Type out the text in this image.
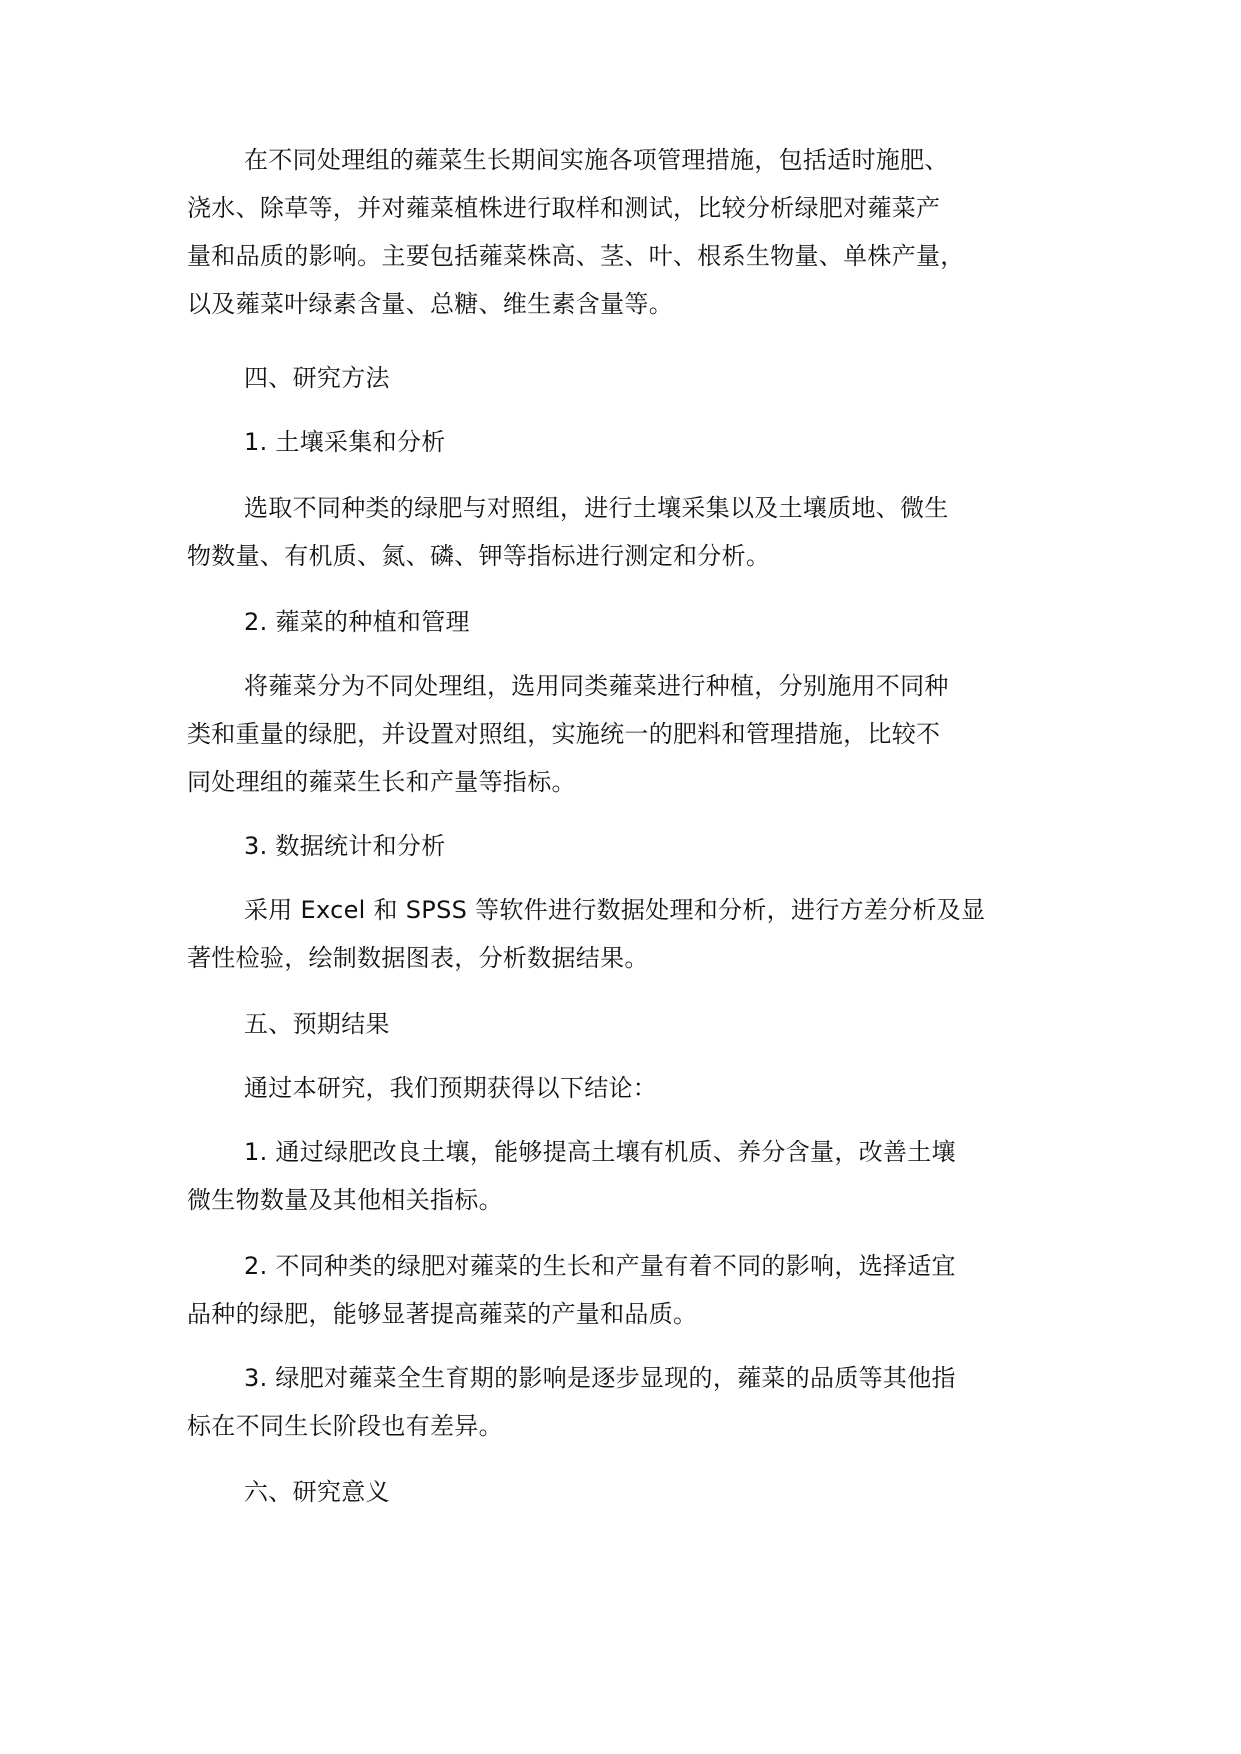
在不同处理组的蕹菜生长期间实施各项管理措施，包括适时施肥、

浇水、除草等，并对蕹菜植株进行取样和测试，比较分析绿肥对蕹菜产

量和品质的影响。主要包括蕹菜株高、茎、叶、根系生物量、单株产量，

以及蕹菜叶绿素含量、总糖、维生素含量等。

四、研究方法

1. 土壤采集和分析

选取不同种类的绿肥与对照组，进行土壤采集以及土壤质地、微生

物数量、有机质、氮、磷、钾等指标进行测定和分析。

2. 蕹菜的种植和管理

将蕹菜分为不同处理组，选用同类蕹菜进行种植，分别施用不同种

类和重量的绿肥，并设置对照组，实施统一的肥料和管理措施，比较不

同处理组的蕹菜生长和产量等指标。

3. 数据统计和分析

采用 Excel 和 SPSS 等软件进行数据处理和分析，进行方差分析及显

著性检验，绘制数据图表，分析数据结果。

五、预期结果

通过本研究，我们预期获得以下结论：

1. 通过绿肥改良土壤，能够提高土壤有机质、养分含量，改善土壤

微生物数量及其他相关指标。

2. 不同种类的绿肥对蕹菜的生长和产量有着不同的影响，选择适宜

品种的绿肥，能够显著提高蕹菜的产量和品质。

3. 绿肥对蕹菜全生育期的影响是逐步显现的，蕹菜的品质等其他指

标在不同生长阶段也有差异。

六、研究意义
